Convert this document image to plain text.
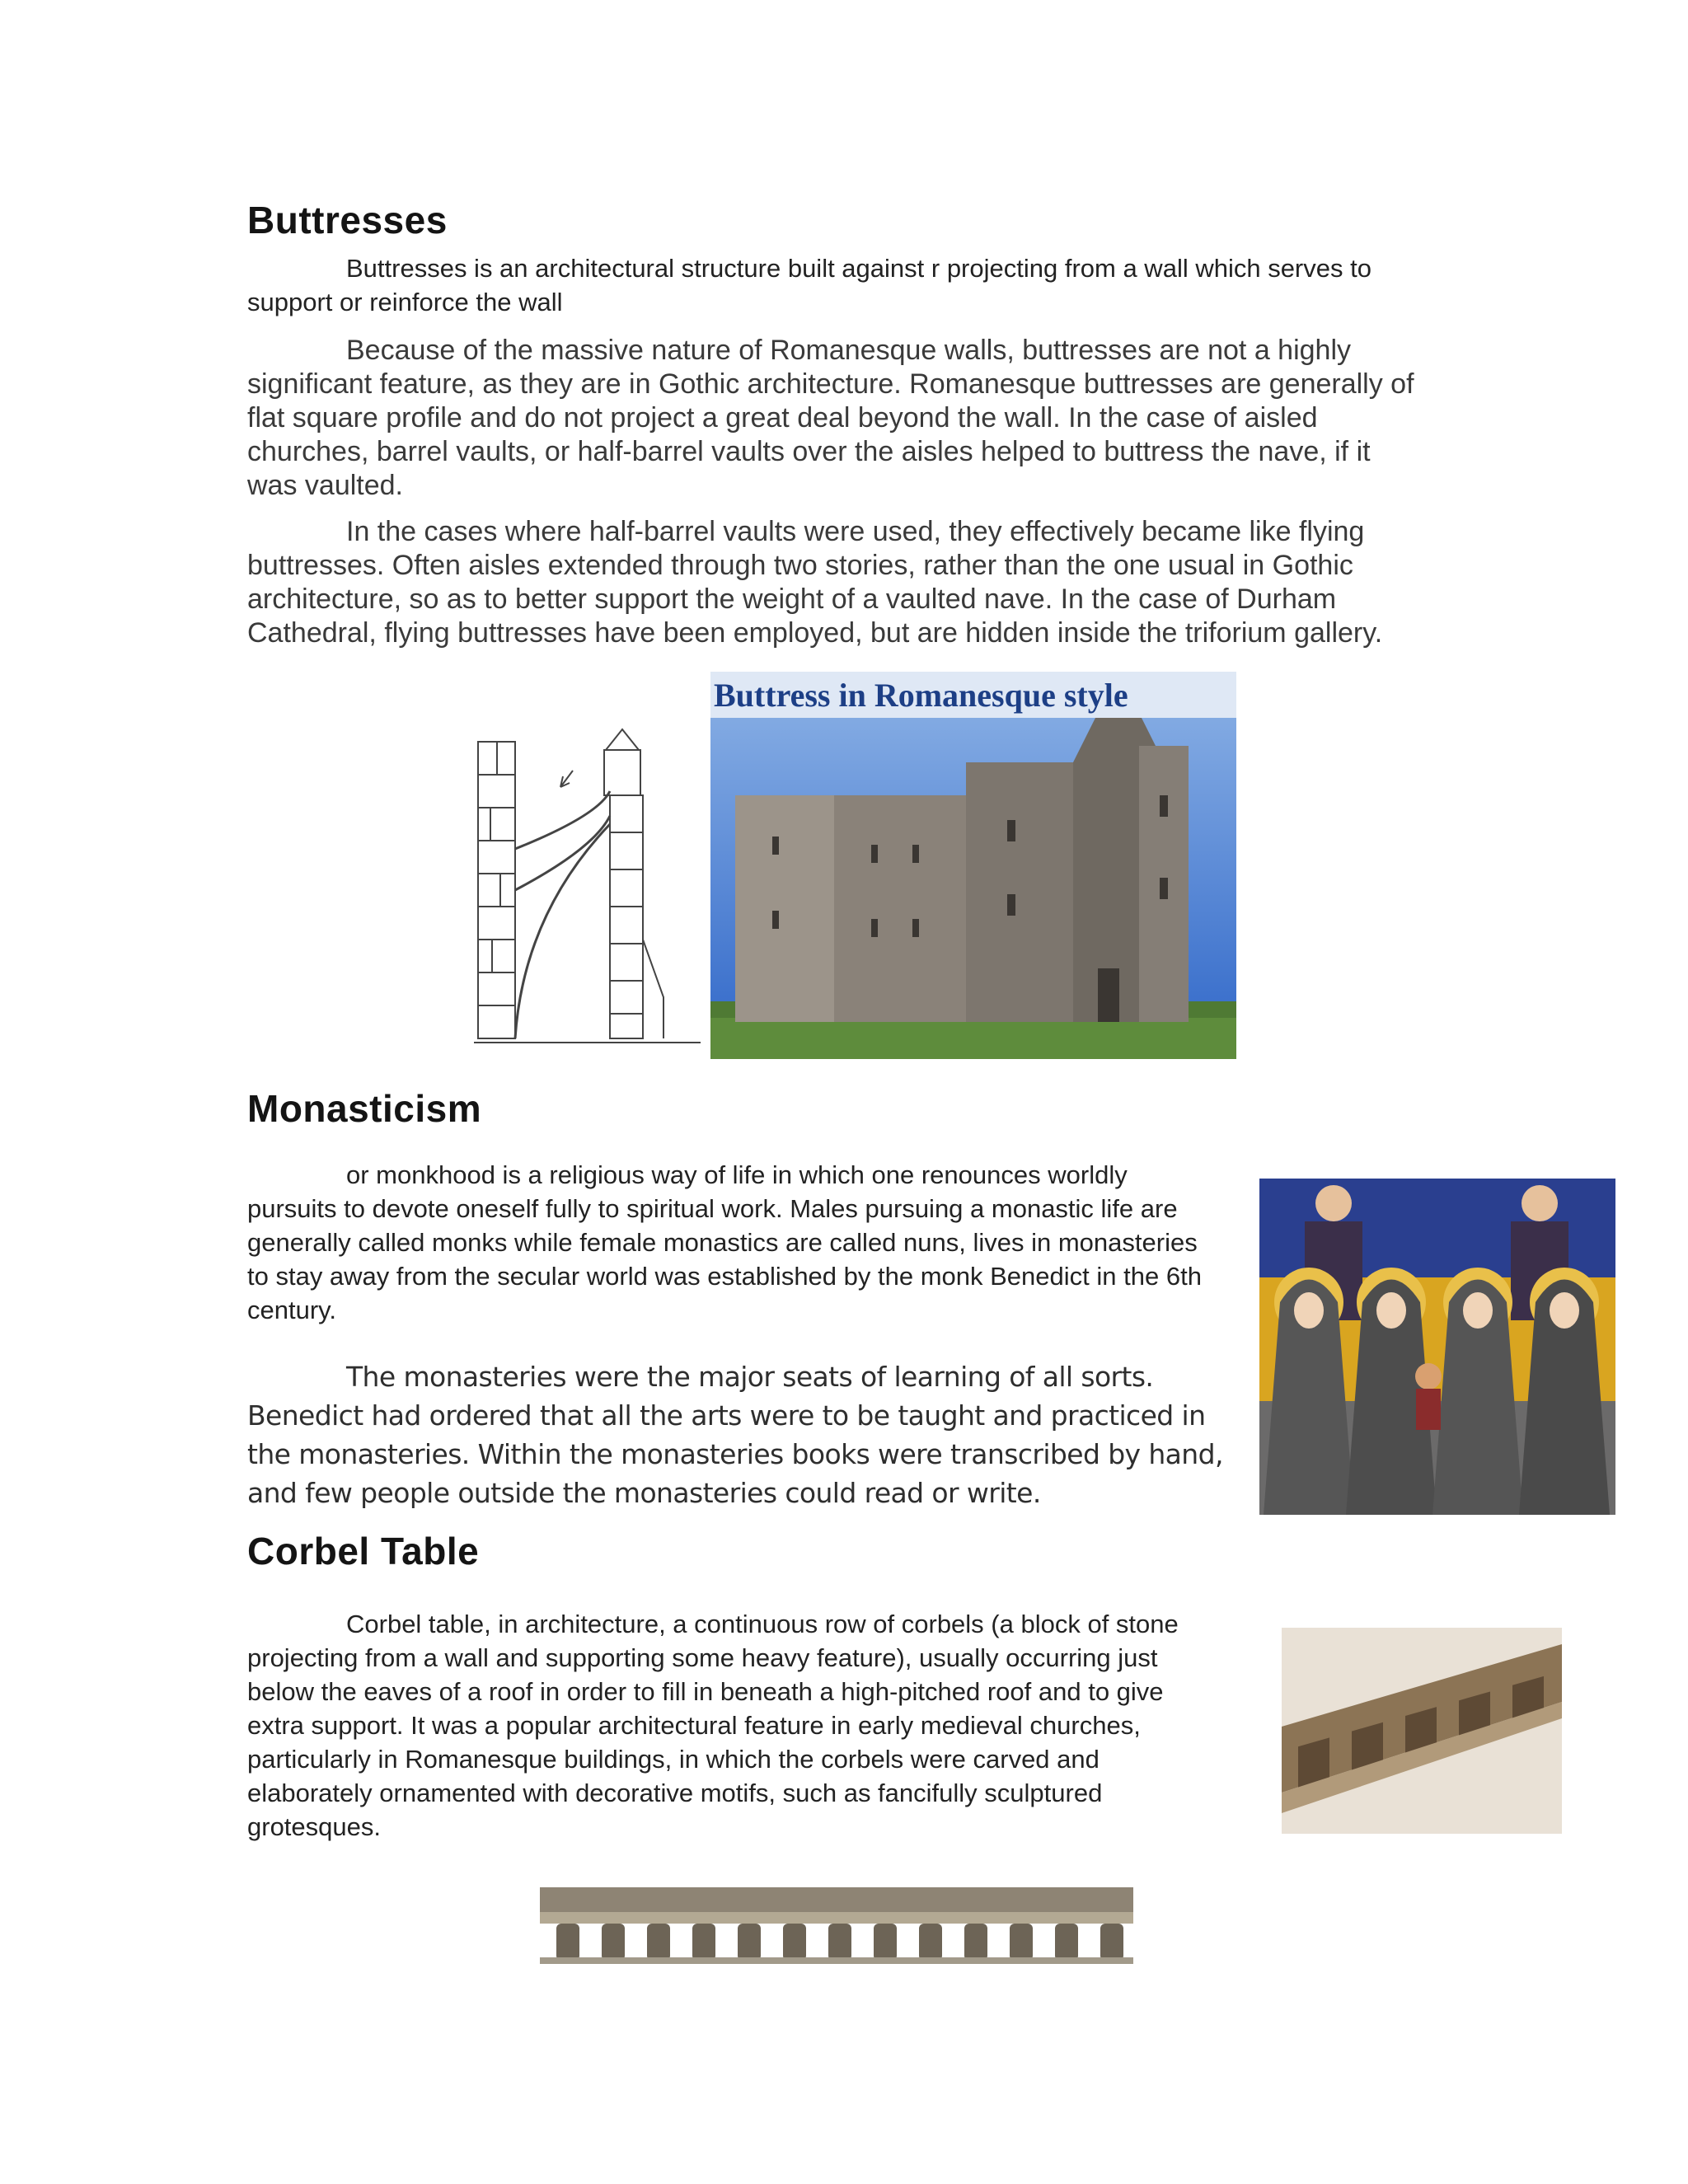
Buttresses

Buttresses is an architectural structure built against r projecting from a wall which serves to support or reinforce the wall

Because of the massive nature of Romanesque walls, buttresses are not a highly significant feature, as they are in Gothic architecture. Romanesque buttresses are generally of flat square profile and do not project a great deal beyond the wall. In the case of aisled churches, barrel vaults, or half-barrel vaults over the aisles helped to buttress the nave, if it was vaulted.

In the cases where half-barrel vaults were used, they effectively became like flying buttresses. Often aisles extended through two stories, rather than the one usual in Gothic architecture, so as to better support the weight of a vaulted nave. In the case of Durham Cathedral, flying buttresses have been employed, but are hidden inside the triforium gallery.

Buttress in Romanesque style
Monasticism

or monkhood is a religious way of life in which one renounces worldly pursuits to devote oneself fully to spiritual work. Males pursuing a monastic life are generally called monks while female monastics are called nuns, lives in monasteries to stay away from the secular world was established by the monk Benedict in the 6th century.

The monasteries were the major seats of learning of all sorts. Benedict had ordered that all the arts were to be taught and practiced in the monasteries. Within the monasteries books were transcribed by hand, and few people outside the monasteries could read or write.

Corbel Table

Corbel table, in architecture, a continuous row of corbels (a block of stone projecting from a wall and supporting some heavy feature), usually occurring just below the eaves of a roof in order to fill in beneath a high-pitched roof and to give extra support. It was a popular architectural feature in early medieval churches, particularly in Romanesque buildings, in which the corbels were carved and elaborately ornamented with decorative motifs, such as fancifully sculptured grotesques.
